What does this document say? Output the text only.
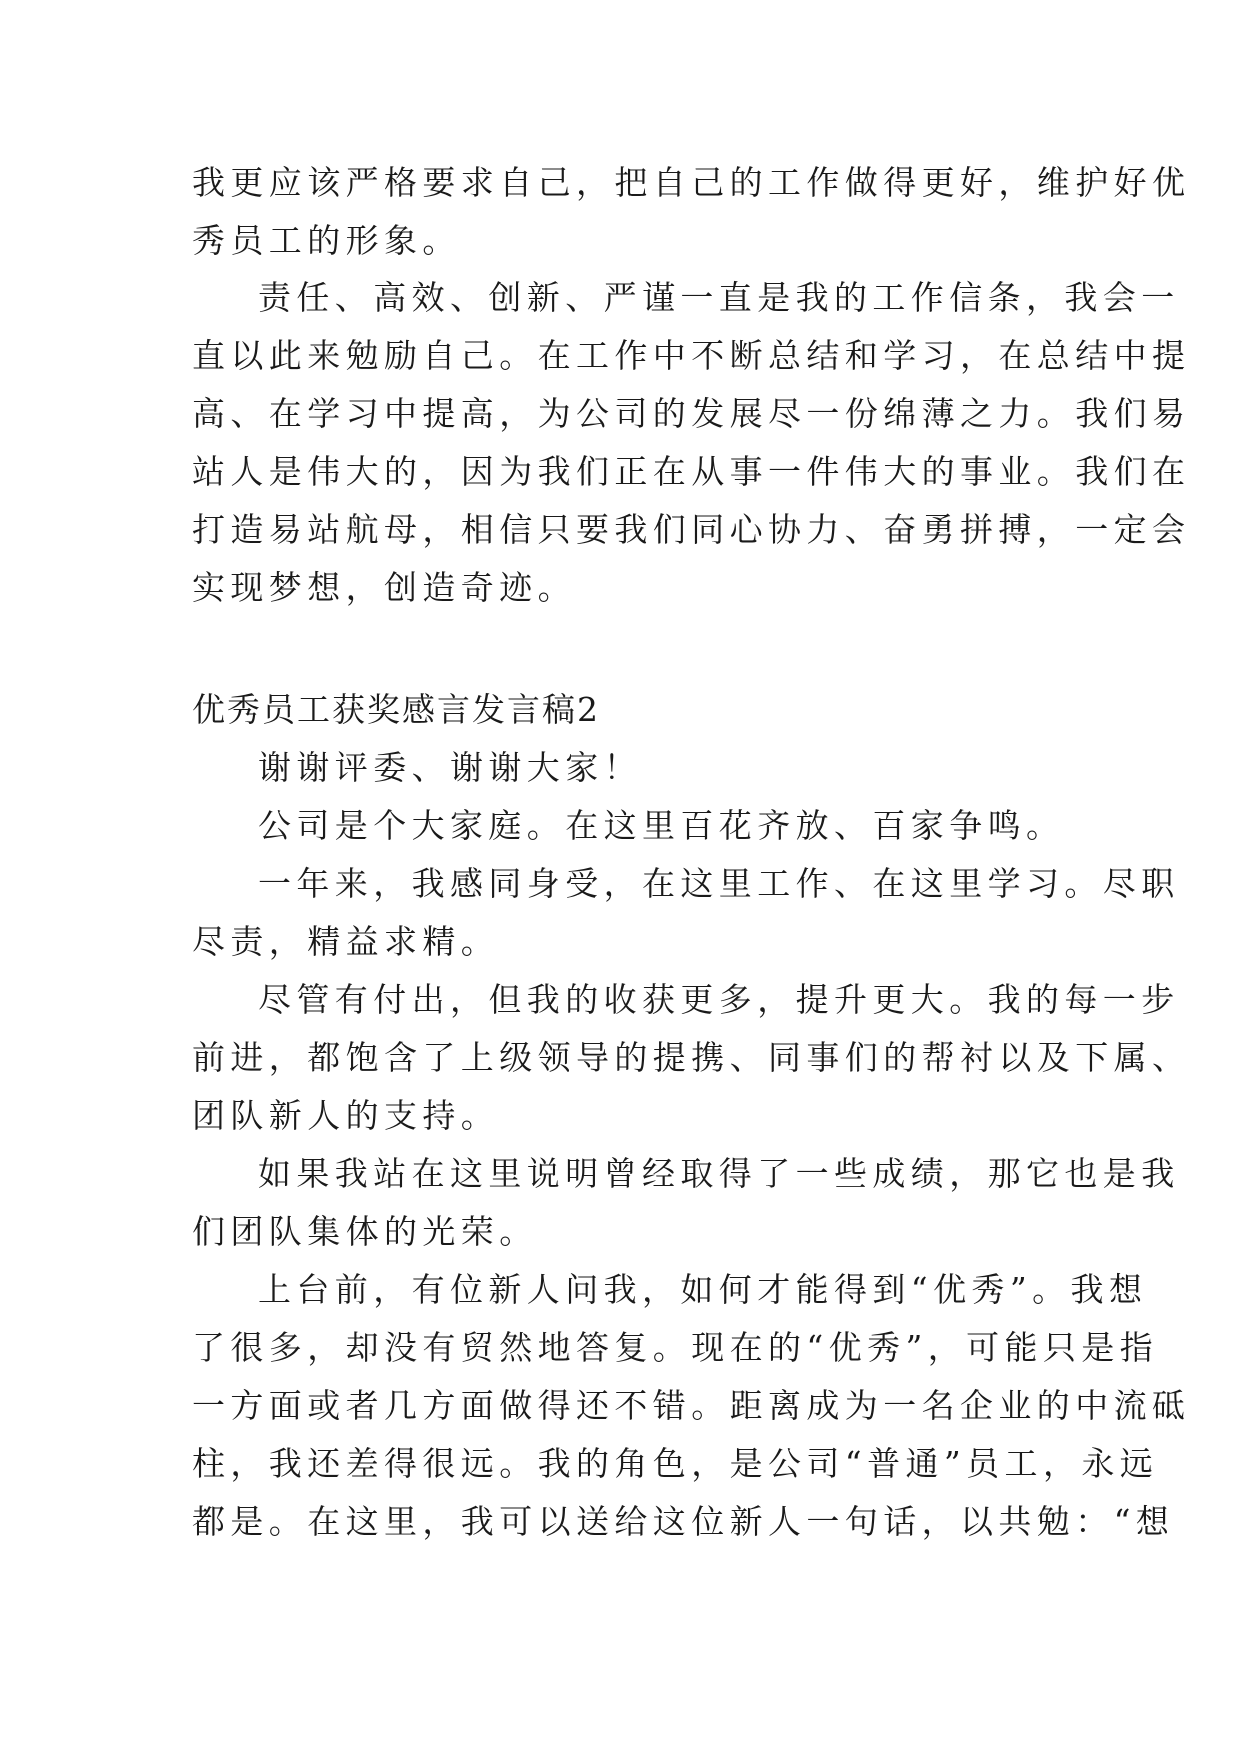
我更应该严格要求自己，把自己的工作做得更好，维护好优
秀员工的形象。
责任、高效、创新、严谨一直是我的工作信条，我会一
直以此来勉励自己。在工作中不断总结和学习，在总结中提
高、在学习中提高，为公司的发展尽一份绵薄之力。我们易
站人是伟大的，因为我们正在从事一件伟大的事业。我们在
打造易站航母，相信只要我们同心协力、奋勇拼搏，一定会
实现梦想，创造奇迹。
优秀员工获奖感言发言稿2
谢谢评委、谢谢大家！
公司是个大家庭。在这里百花齐放、百家争鸣。
一年来，我感同身受，在这里工作、在这里学习。尽职
尽责，精益求精。
尽管有付出，但我的收获更多，提升更大。我的每一步
前进，都饱含了上级领导的提携、同事们的帮衬以及下属、
团队新人的支持。
如果我站在这里说明曾经取得了一些成绩，那它也是我
们团队集体的光荣。
上台前，有位新人问我，如何才能得到“优秀”。我想
了很多，却没有贸然地答复。现在的“优秀”，可能只是指
一方面或者几方面做得还不错。距离成为一名企业的中流砥
柱，我还差得很远。我的角色，是公司“普通”员工，永远
都是。在这里，我可以送给这位新人一句话，以共勉：“想
